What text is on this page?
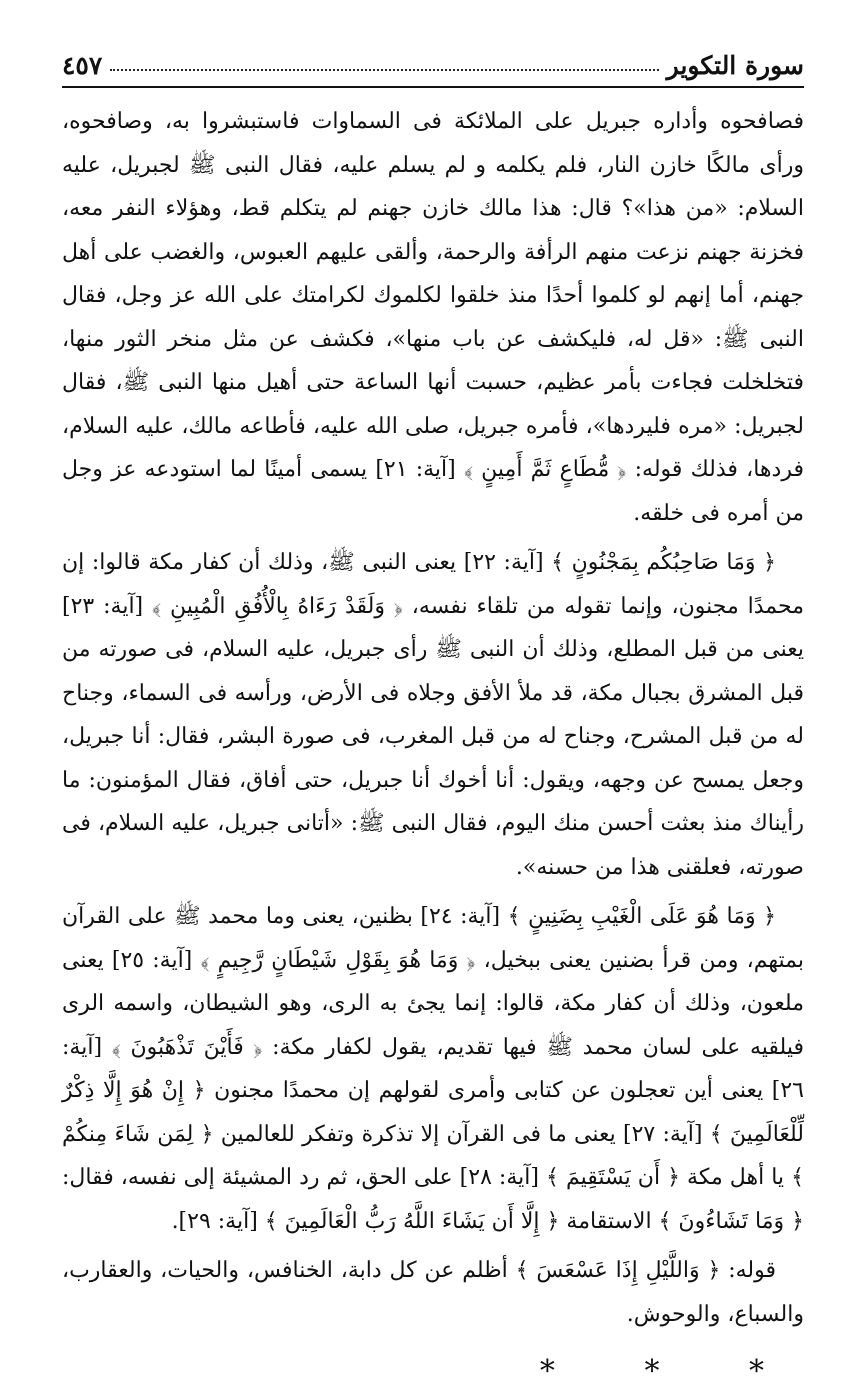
سورة التكوير
٤٥٧

فصافحوه وأداره جبريل على الملائكة فى السماوات فاستبشروا به، وصافحوه، ورأى مالكًا خازن النار، فلم يكلمه و لم يسلم عليه، فقال النبى ﷺ لجبريل، عليه السلام: «من هذا»؟ قال: هذا مالك خازن جهنم لم يتكلم قط، وهؤلاء النفر معه، فخزنة جهنم نزعت منهم الرأفة والرحمة، وألقى عليهم العبوس، والغضب على أهل جهنم، أما إنهم لو كلموا أحدًا منذ خلقوا لكلموك لكرامتك على الله عز وجل، فقال النبى ﷺ: «قل له، فليكشف عن باب منها»، فكشف عن مثل منخر الثور منها، فتخلخلت فجاءت بأمر عظيم، حسبت أنها الساعة حتى أهيل منها النبى ﷺ، فقال لجبريل: «مره فليردها»، فأمره جبريل، صلى الله عليه، فأطاعه مالك، عليه السلام، فردها، فذلك قوله: ﴿ مُّطَاعٍ ثَمَّ أَمِينٍ ﴾ [آية: ٢١] يسمى أمينًا لما استودعه عز وجل من أمره فى خلقه.

﴿ وَمَا صَاحِبُكُم بِمَجْنُونٍ ﴾ [آية: ٢٢] يعنى النبى ﷺ، وذلك أن كفار مكة قالوا: إن محمدًا مجنون، وإنما تقوله من تلقاء نفسه، ﴿ وَلَقَدْ رَءَاهُ بِالْأُفُقِ الْمُبِينِ ﴾ [آية: ٢٣] يعنى من قبل المطلع، وذلك أن النبى ﷺ رأى جبريل، عليه السلام، فى صورته من قبل المشرق بجبال مكة، قد ملأ الأفق وجلاه فى الأرض، ورأسه فى السماء، وجناح له من قبل المشرح، وجناح له من قبل المغرب، فى صورة البشر، فقال: أنا جبريل، وجعل يمسح عن وجهه، ويقول: أنا أخوك أنا جبريل، حتى أفاق، فقال المؤمنون: ما رأيناك منذ بعثت أحسن منك اليوم، فقال النبى ﷺ: «أتانى جبريل، عليه السلام، فى صورته، فعلقنى هذا من حسنه».

﴿ وَمَا هُوَ عَلَى الْغَيْبِ بِضَنِينٍ ﴾ [آية: ٢٤] بظنين، يعنى وما محمد ﷺ على القرآن بمتهم، ومن قرأ بضنين يعنى ببخيل، ﴿ وَمَا هُوَ بِقَوْلِ شَيْطَانٍ رَّجِيمٍ ﴾ [آية: ٢٥] يعنى ملعون، وذلك أن كفار مكة، قالوا: إنما يجئ به الرى، وهو الشيطان، واسمه الرى فيلقيه على لسان محمد ﷺ فيها تقديم، يقول لكفار مكة: ﴿ فَأَيْنَ تَذْهَبُونَ ﴾ [آية: ٢٦] يعنى أين تعجلون عن كتابى وأمرى لقولهم إن محمدًا مجنون ﴿ إِنْ هُوَ إِلَّا ذِكْرٌ لِّلْعَالَمِينَ ﴾ [آية: ٢٧] يعنى ما فى القرآن إلا تذكرة وتفكر للعالمين ﴿ لِمَن شَاءَ مِنكُمْ ﴾ يا أهل مكة ﴿ أَن يَسْتَقِيمَ ﴾ [آية: ٢٨] على الحق، ثم رد المشيئة إلى نفسه، فقال: ﴿ وَمَا تَشَاءُونَ ﴾ الاستقامة ﴿ إِلَّا أَن يَشَاءَ اللَّهُ رَبُّ الْعَالَمِينَ ﴾ [آية: ٢٩].

قوله: ﴿ وَاللَّيْلِ إِذَا عَسْعَسَ ﴾ أظلم عن كل دابة، الخنافس، والحيات، والعقارب، والسباع، والوحوش.

* * *
